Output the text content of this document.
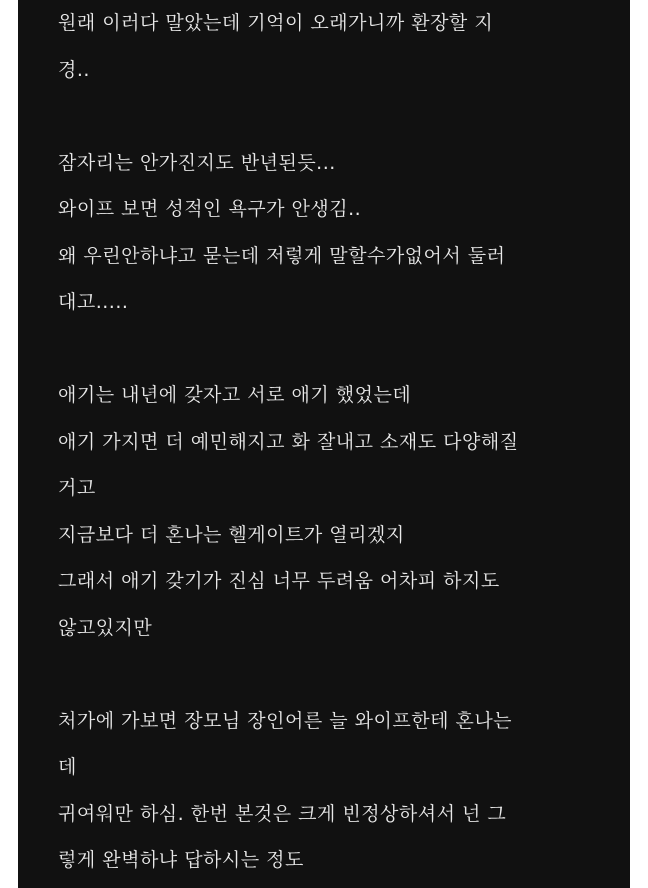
원래 이러다 말았는데 기억이 오래가니까 환장할 지
경..
잠자리는 안가진지도 반년된듯...
와이프 보면 성적인 욕구가 안생김..
왜 우린안하냐고 묻는데 저렇게 말할수가없어서 둘러
대고.....
애기는 내년에 갖자고 서로 애기 했었는데
애기 가지면 더 예민해지고 화 잘내고 소재도 다양해질
거고
지금보다 더 혼나는 헬게이트가 열리겠지
그래서 애기 갖기가 진심 너무 두려움 어차피 하지도
않고있지만
처가에 가보면 장모님 장인어른 늘 와이프한테 혼나는
데
귀여워만 하심. 한번 본것은 크게 빈정상하셔서 넌 그
렇게 완벽하냐 답하시는 정도
